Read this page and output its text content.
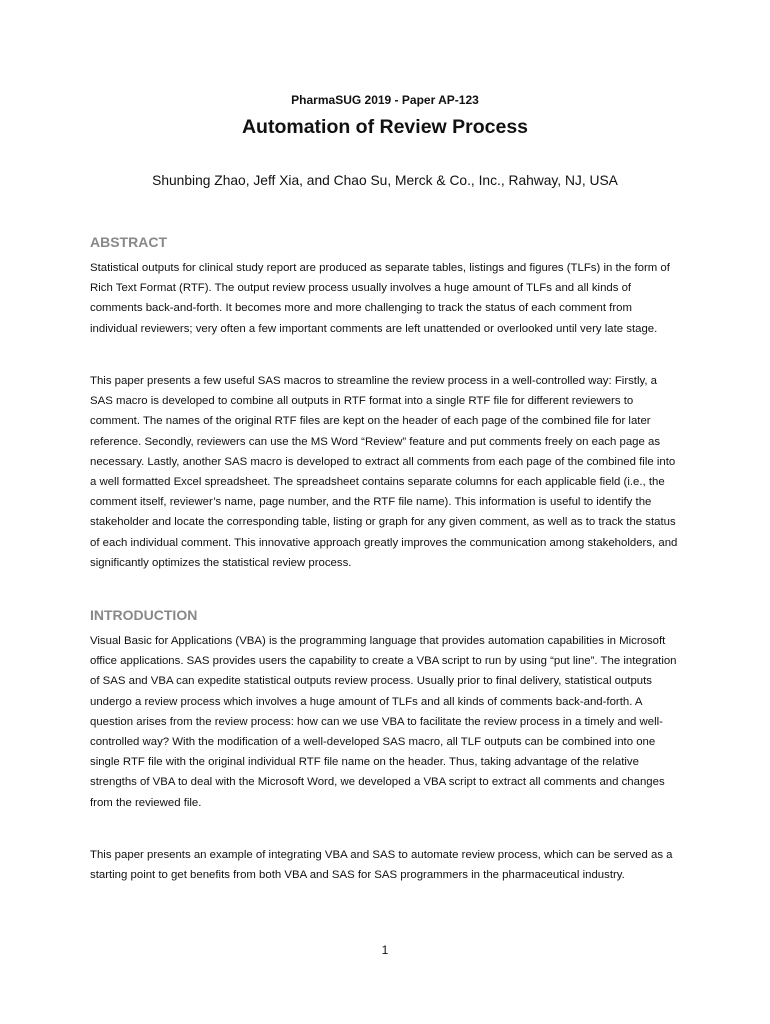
PharmaSUG 2019 - Paper AP-123

Automation of Review Process

Shunbing Zhao, Jeff Xia, and Chao Su, Merck & Co., Inc., Rahway, NJ, USA

ABSTRACT

Statistical outputs for clinical study report are produced as separate tables, listings and figures (TLFs) in the form of Rich Text Format (RTF). The output review process usually involves a huge amount of TLFs and all kinds of comments back-and-forth. It becomes more and more challenging to track the status of each comment from individual reviewers; very often a few important comments are left unattended or overlooked until very late stage.

This paper presents a few useful SAS macros to streamline the review process in a well-controlled way: Firstly, a SAS macro is developed to combine all outputs in RTF format into a single RTF file for different reviewers to comment. The names of the original RTF files are kept on the header of each page of the combined file for later reference. Secondly, reviewers can use the MS Word “Review” feature and put comments freely on each page as necessary. Lastly, another SAS macro is developed to extract all comments from each page of the combined file into a well formatted Excel spreadsheet. The spreadsheet contains separate columns for each applicable field (i.e., the comment itself, reviewer’s name, page number, and the RTF file name). This information is useful to identify the stakeholder and locate the corresponding table, listing or graph for any given comment, as well as to track the status of each individual comment. This innovative approach greatly improves the communication among stakeholders, and significantly optimizes the statistical review process.

INTRODUCTION

Visual Basic for Applications (VBA) is the programming language that provides automation capabilities in Microsoft office applications. SAS provides users the capability to create a VBA script to run by using “put line”. The integration of SAS and VBA can expedite statistical outputs review process. Usually prior to final delivery, statistical outputs undergo a review process which involves a huge amount of TLFs and all kinds of comments back-and-forth. A question arises from the review process: how can we use VBA to facilitate the review process in a timely and well-controlled way? With the modification of a well-developed SAS macro, all TLF outputs can be combined into one single RTF file with the original individual RTF file name on the header. Thus, taking advantage of the relative strengths of VBA to deal with the Microsoft Word, we developed a VBA script to extract all comments and changes from the reviewed file.

This paper presents an example of integrating VBA and SAS to automate review process, which can be served as a starting point to get benefits from both VBA and SAS for SAS programmers in the pharmaceutical industry.

1
